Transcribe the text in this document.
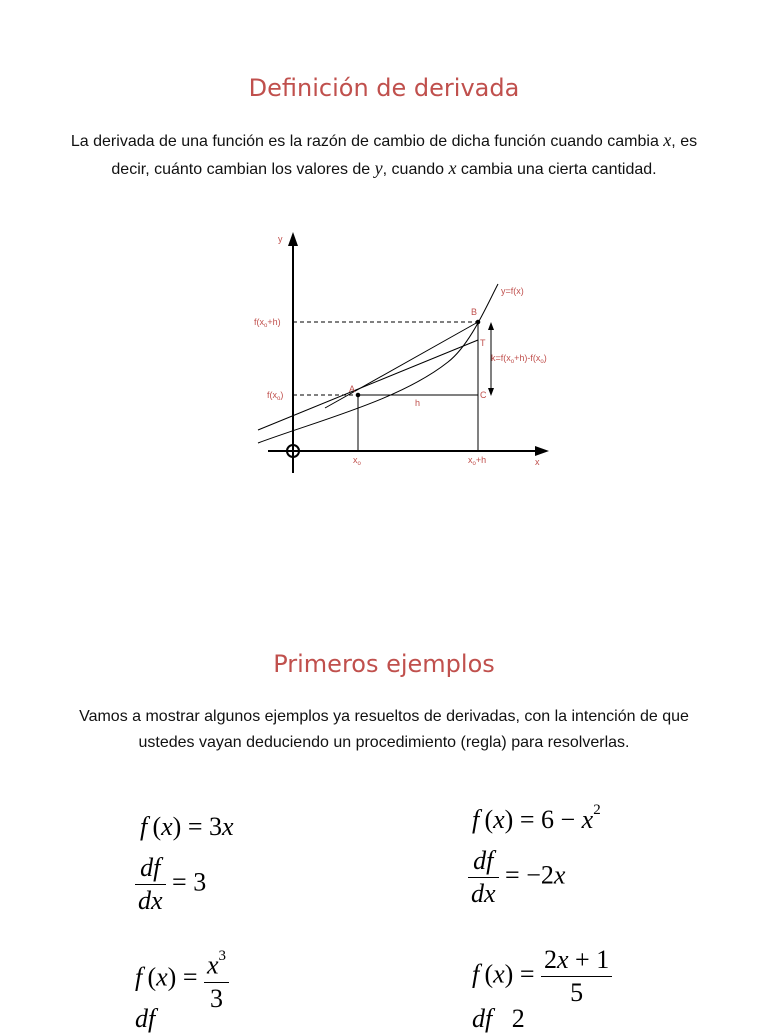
Definición de derivada
La derivada de una función es la razón de cambio de dicha función cuando cambia x, es decir, cuánto cambian los valores de y, cuando x cambia una cierta cantidad.
y
x
y=f(x)
A
B
T
C
h
$f(x_o+h)$
$f(x_o)$
$k=f(x_o+h)-f(x_o)$
$x_o$	$x_o+h$
Primeros ejemplos
Vamos a mostrar algunos ejemplos ya resueltos de derivadas, con la intención de que ustedes vayan deduciendo un procedimiento (regla) para resolverlas.
f (x) = 3x
$\frac{df}{dx} = 3$
f $(x) = 6 - x^2$
$\frac{df}{dx} = -2x$
f $(x) = \frac{x^3}{3}$
df
f $(x) = \frac{2x + 1}{5}$
df   2
